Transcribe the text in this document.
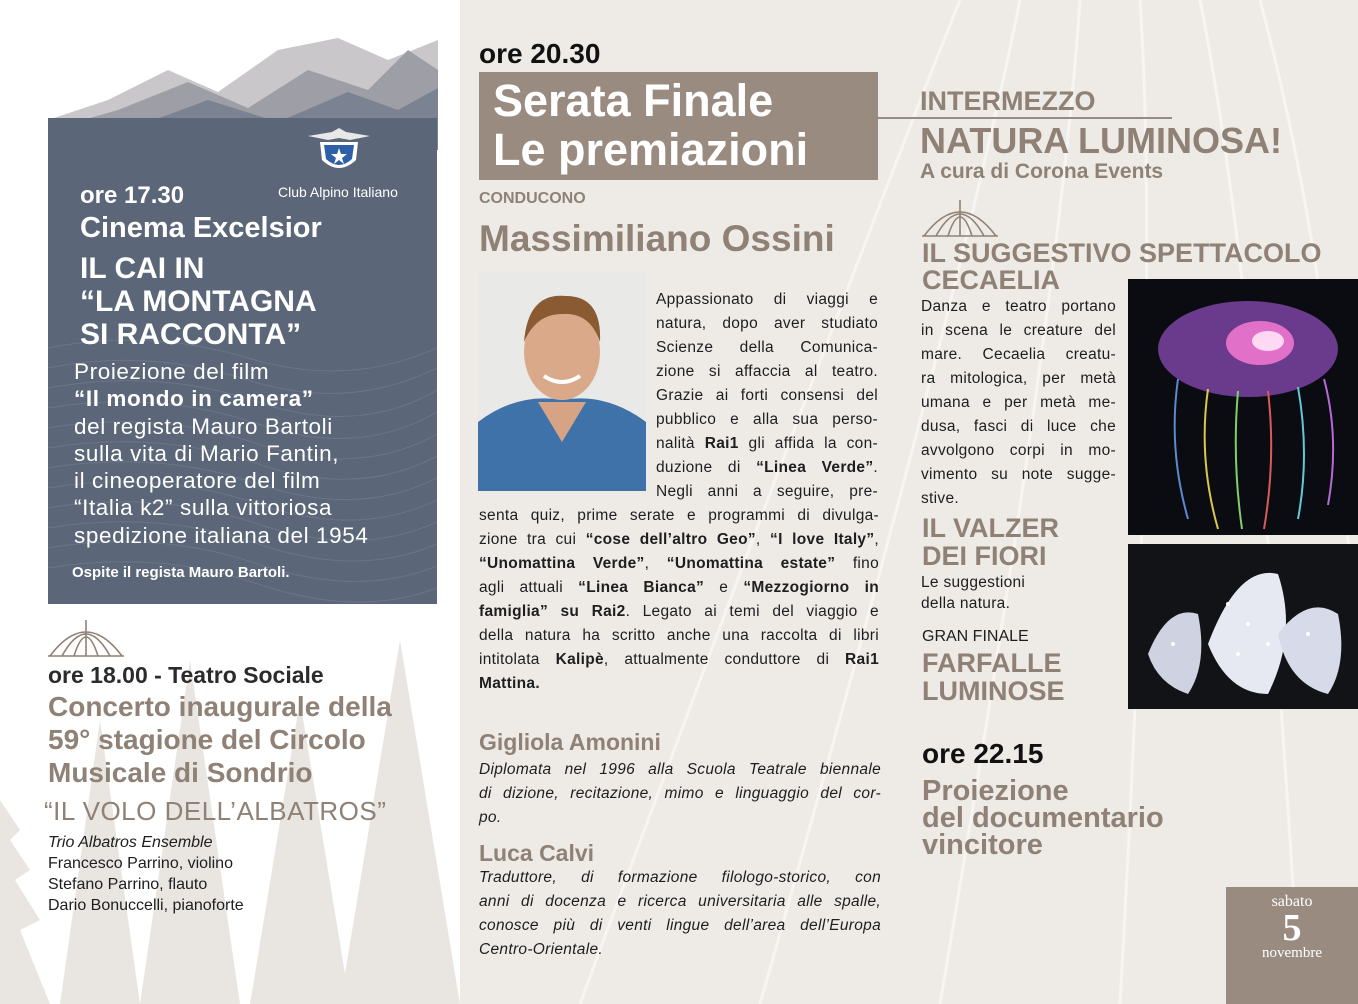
Club Alpino Italiano
ore 17.30
Cinema Excelsior
IL CAI IN
“LA MONTAGNA
SI RACCONTA”
Proiezione del film
“Il mondo in camera”
del regista Mauro Bartoli
sulla vita di Mario Fantin,
il cineoperatore del film
“Italia k2” sulla vittoriosa
spedizione italiana del 1954
Ospite il regista Mauro Bartoli.
ore 18.00 - Teatro Sociale
Concerto inaugurale della
59° stagione del Circolo
Musicale di Sondrio
“IL VOLO DELL’ALBATROS”
Trio Albatros Ensemble
Francesco Parrino, violino
Stefano Parrino, flauto
Dario Bonuccelli, pianoforte
ore 20.30
Serata Finale
Le premiazioni
CONDUCONO
Massimiliano Ossini
Appassionato di viaggi e
natura, dopo aver studiato
Scienze della Comunica-
zione si affaccia al teatro.
Grazie ai forti consensi del
pubblico e alla sua perso-
nalità Rai1 gli affida la con-
duzione di “Linea Verde”.
Negli anni a seguire, pre-
senta quiz, prime serate e programmi di divulga-
zione tra cui “cose dell’altro Geo”, “I love Italy”,
“Unomattina Verde”, “Unomattina estate” fino
agli attuali “Linea Bianca” e “Mezzogiorno in
famiglia” su Rai2. Legato ai temi del viaggio e
della natura ha scritto anche una raccolta di libri
intitolata Kalipè, attualmente conduttore di Rai1
Mattina.
Gigliola Amonini
Diplomata nel 1996 alla Scuola Teatrale biennale
di dizione, recitazione, mimo e linguaggio del cor-
po.
Luca Calvi
Traduttore, di formazione filologo-storico, con
anni di docenza e ricerca universitaria alle spalle,
conosce più di venti lingue dell’area dell’Europa
Centro-Orientale.
INTERMEZZO
NATURA LUMINOSA!
A cura di Corona Events
IL SUGGESTIVO SPETTACOLO
CECAELIA
Danza e teatro portano
in scena le creature del
mare. Cecaelia creatu-
ra mitologica, per metà
umana e per metà me-
dusa, fasci di luce che
avvolgono corpi in mo-
vimento su note sugge-
stive.
IL VALZER
DEI FIORI
Le suggestioni
della natura.
GRAN FINALE
FARFALLE
LUMINOSE
ore 22.15
Proiezione
del documentario
vincitore
sabato
5
novembre
